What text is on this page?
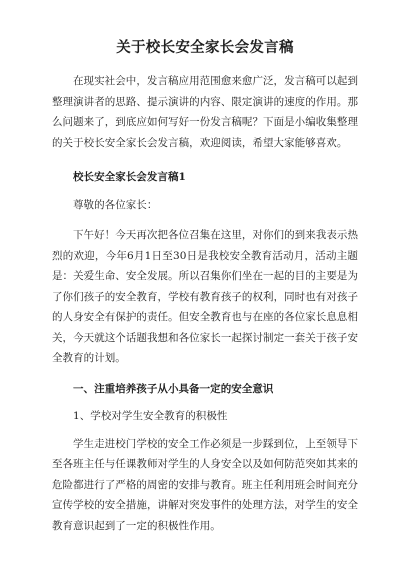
关于校长安全家长会发言稿

在现实社会中，发言稿应用范围愈来愈广泛，发言稿可以起到整理演讲者的思路、提示演讲的内容、限定演讲的速度的作用。那么问题来了，到底应如何写好一份发言稿呢？下面是小编收集整理的关于校长安全家长会发言稿，欢迎阅读，希望大家能够喜欢。

校长安全家长会发言稿1

尊敬的各位家长：

下午好！今天再次把各位召集在这里，对你们的到来我表示热烈的欢迎，今年6月1日至30日是我校安全教育活动月，活动主题是：关爱生命、安全发展。所以召集你们坐在一起的目的主要是为了你们孩子的安全教育，学校有教育孩子的权利，同时也有对孩子的人身安全有保护的责任。但安全教育也与在座的各位家长息息相关，今天就这个话题我想和各位家长一起探讨制定一套关于孩子安全教育的计划。

一、注重培养孩子从小具备一定的安全意识

1、学校对学生安全教育的积极性

学生走进校门学校的安全工作必须是一步踩到位，上至领导下至各班主任与任课教师对学生的人身安全以及如何防范突如其来的危险都进行了严格的周密的安排与教育。班主任利用班会时间充分宣传学校的安全措施，讲解对突发事件的处理方法，对学生的安全教育意识起到了一定的积极性作用。
